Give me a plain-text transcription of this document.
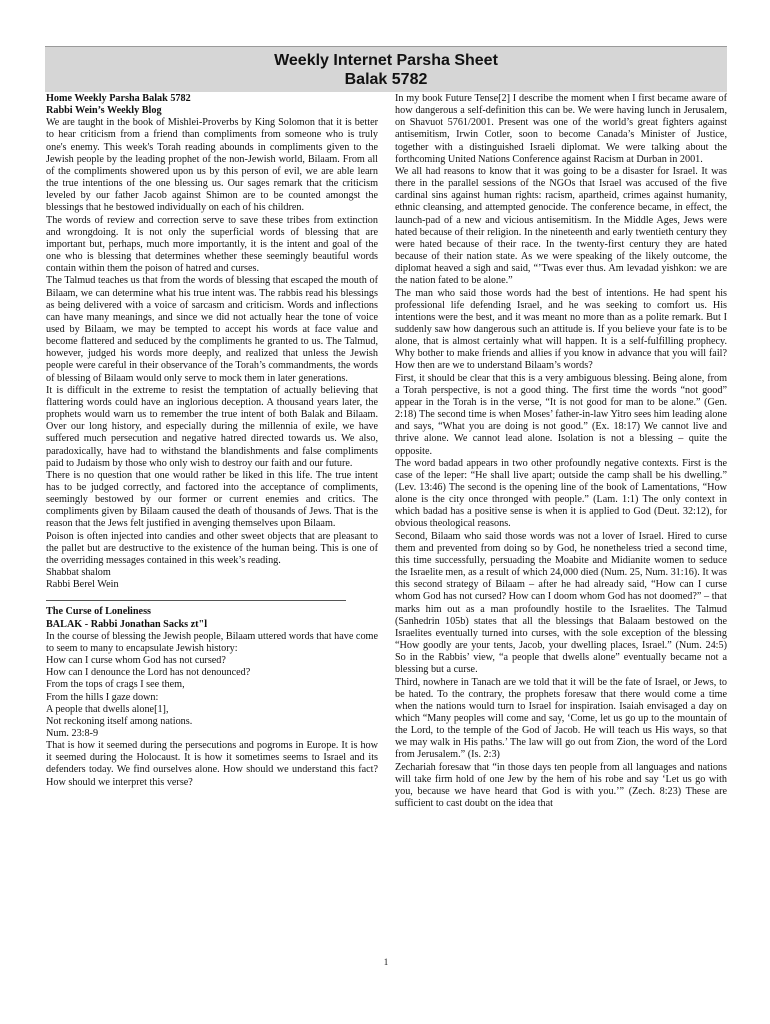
Weekly Internet Parsha Sheet
Balak 5782

Home Weekly Parsha Balak 5782

Rabbi Wein’s Weekly Blog

We are taught in the book of Mishlei-Proverbs by King Solomon that it is better to hear criticism from a friend than compliments from someone who is truly one's enemy. This week's Torah reading abounds in compliments given to the Jewish people by the leading prophet of the non-Jewish world, Bilaam. From all of the compliments showered upon us by this person of evil, we are able learn the true intentions of the one blessing us. Our sages remark that the criticism leveled by our father Jacob against Shimon are to be counted amongst the blessings that he bestowed individually on each of his children.

The words of review and correction serve to save these tribes from extinction and wrongdoing. It is not only the superficial words of blessing that are important but, perhaps, much more importantly, it is the intent and goal of the one who is blessing that determines whether these seemingly beautiful words contain within them the poison of hatred and curses.

The Talmud teaches us that from the words of blessing that escaped the mouth of Bilaam, we can determine what his true intent was. The rabbis read his blessings as being delivered with a voice of sarcasm and criticism. Words and inflections can have many meanings, and since we did not actually hear the tone of voice used by Bilaam, we may be tempted to accept his words at face value and become flattered and seduced by the compliments he granted to us. The Talmud, however, judged his words more deeply, and realized that unless the Jewish people were careful in their observance of the Torah’s commandments, the words of blessing of Bilaam would only serve to mock them in later generations.

It is difficult in the extreme to resist the temptation of actually believing that flattering words could have an inglorious deception. A thousand years later, the prophets would warn us to remember the true intent of both Balak and Bilaam. Over our long history, and especially during the millennia of exile, we have suffered much persecution and negative hatred directed towards us. We also, paradoxically, have had to withstand the blandishments and false compliments paid to Judaism by those who only wish to destroy our faith and our future.

There is no question that one would rather be liked in this life. The true intent has to be judged correctly, and factored into the acceptance of compliments, seemingly bestowed by our former or current enemies and critics. The compliments given by Bilaam caused the death of thousands of Jews. That is the reason that the Jews felt justified in avenging themselves upon Bilaam.

Poison is often injected into candies and other sweet objects that are pleasant to the pallet but are destructive to the existence of the human being. This is one of the overriding messages contained in this week’s reading.

Shabbat shalom

Rabbi Berel Wein

The Curse of Loneliness

BALAK - Rabbi Jonathan Sacks zt"l

In the course of blessing the Jewish people, Bilaam uttered words that have come to seem to many to encapsulate Jewish history:

How can I curse whom God has not cursed?

How can I denounce the Lord has not denounced?

From the tops of crags I see them,

From the hills I gaze down:

A people that dwells alone[1],

Not reckoning itself among nations.

Num. 23:8-9

That is how it seemed during the persecutions and pogroms in Europe. It is how it seemed during the Holocaust. It is how it sometimes seems to Israel and its defenders today. We find ourselves alone. How should we understand this fact? How should we interpret this verse?

In my book Future Tense[2] I describe the moment when I first became aware of how dangerous a self-definition this can be. We were having lunch in Jerusalem, on Shavuot 5761/2001. Present was one of the world’s great fighters against antisemitism, Irwin Cotler, soon to become Canada’s Minister of Justice, together with a distinguished Israeli diplomat. We were talking about the forthcoming United Nations Conference against Racism at Durban in 2001.

We all had reasons to know that it was going to be a disaster for Israel. It was there in the parallel sessions of the NGOs that Israel was accused of the five cardinal sins against human rights: racism, apartheid, crimes against humanity, ethnic cleansing, and attempted genocide. The conference became, in effect, the launch-pad of a new and vicious antisemitism. In the Middle Ages, Jews were hated because of their religion. In the nineteenth and early twentieth century they were hated because of their race. In the twenty-first century they are hated because of their nation state. As we were speaking of the likely outcome, the diplomat heaved a sigh and said, “’Twas ever thus. Am levadad yishkon: we are the nation fated to be alone.”

The man who said those words had the best of intentions. He had spent his professional life defending Israel, and he was seeking to comfort us. His intentions were the best, and it was meant no more than as a polite remark. But I suddenly saw how dangerous such an attitude is. If you believe your fate is to be alone, that is almost certainly what will happen. It is a self-fulfilling prophecy. Why bother to make friends and allies if you know in advance that you will fail? How then are we to understand Bilaam’s words?

First, it should be clear that this is a very ambiguous blessing. Being alone, from a Torah perspective, is not a good thing. The first time the words “not good” appear in the Torah is in the verse, “It is not good for man to be alone.” (Gen. 2:18) The second time is when Moses’ father-in-law Yitro sees him leading alone and says, “What you are doing is not good.” (Ex. 18:17) We cannot live and thrive alone. We cannot lead alone. Isolation is not a blessing – quite the opposite.

The word badad appears in two other profoundly negative contexts. First is the case of the leper: “He shall live apart; outside the camp shall be his dwelling.” (Lev. 13:46) The second is the opening line of the book of Lamentations, “How alone is the city once thronged with people.” (Lam. 1:1) The only context in which badad has a positive sense is when it is applied to God (Deut. 32:12), for obvious theological reasons.

Second, Bilaam who said those words was not a lover of Israel. Hired to curse them and prevented from doing so by God, he nonetheless tried a second time, this time successfully, persuading the Moabite and Midianite women to seduce the Israelite men, as a result of which 24,000 died (Num. 25, Num. 31:16). It was this second strategy of Bilaam – after he had already said, “How can I curse whom God has not cursed? How can I doom whom God has not doomed?” – that marks him out as a man profoundly hostile to the Israelites. The Talmud (Sanhedrin 105b) states that all the blessings that Balaam bestowed on the Israelites eventually turned into curses, with the sole exception of the blessing “How goodly are your tents, Jacob, your dwelling places, Israel.” (Num. 24:5) So in the Rabbis’ view, “a people that dwells alone” eventually became not a blessing but a curse.

Third, nowhere in Tanach are we told that it will be the fate of Israel, or Jews, to be hated. To the contrary, the prophets foresaw that there would come a time when the nations would turn to Israel for inspiration. Isaiah envisaged a day on which “Many peoples will come and say, ‘Come, let us go up to the mountain of the Lord, to the temple of the God of Jacob. He will teach us His ways, so that we may walk in His paths.’ The law will go out from Zion, the word of the Lord from Jerusalem.” (Is. 2:3)

Zechariah foresaw that “in those days ten people from all languages and nations will take firm hold of one Jew by the hem of his robe and say ‘Let us go with you, because we have heard that God is with you.’” (Zech. 8:23) These are sufficient to cast doubt on the idea that

1
